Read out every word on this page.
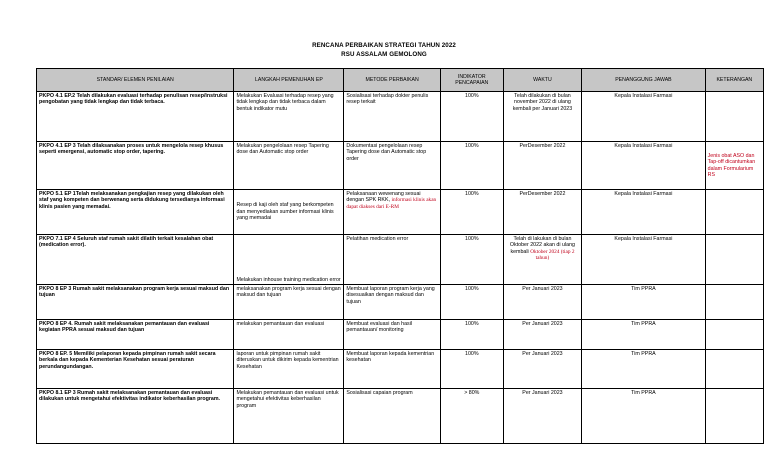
RENCANA PERBAIKAN STRATEGI TAHUN 2022
RSU ASSALAM GEMOLONG
STANDAR/ ELEMEN PENILAIAN	LANGKAH PEMENUHAN EP	METODE PERBAIKAN	INDIKATOR PENCAPAIAN	WAKTU	PENANGGUNG JAWAB	KETERANGAN
PKPO 4.1 EP.2 Telah dilakukan evaluasi terhadap penulisan resep/instruksi pengobatan yang tidak lengkap dan tidak terbaca.	Melakukan Evaluasi terhadap resep yang tidak lengkap dan tidak terbaca dalam bentuk indikator mutu	Sosialisasi terhadap dokter penulis resep terkait	100%	Telah dilakukan di bulan november 2022 di ulang kembali per Januari 2023	Kepala Instalasi Farmasi	
PKPO 4.1 EP 3 Telah dilaksanakan proses untuk mengelola resep khusus seperti emergensi, automatic stop order, tapering.	Melakukan pengelolaan resep Tapering dose dan Automatic stop order	Dokumentasi pengelolaan resep Tapering dose dan Automatic stop order	100%	PerDesember 2022	Kepala Instalasi Farmasi	Jenis obat ASO dan Tap-off dicantumkan dalam Formularium RS
PKPO 5.1 EP 1Telah melaksanakan pengkajian resep yang dilakukan oleh staf yang kompeten dan berwenang serta didukung tersedianya informasi klinis pasien yang memadai.	Resep di kaji oleh staf yang berkompeten dan menyediakan sumber informasi klinis yang memadai	Pelaksanaan wewenang sesuai dengan SPK RKK, informasi klinis akan dapat diakses dari E-RM	100%	PerDesember 2022	Kepala Instalasi Farmasi	
PKPO 7.1 EP 4 Seluruh staf rumah sakit dilatih terkait kesalahan obat (medication error).	Melakukan inhouse training medication error	Pelatihan medication error	100%	Telah di lakukan di bulan Oktober 2022 akan di ulang kembali Oktober 2024 (tiap 2 tahun)	Kepala Instalasi Farmasi	
PKPO 8 EP 3 Rumah sakit melaksanakan program kerja sesuai maksud dan tujuan	melaksanakan program kerja sesuai dengan maksud dan tujuan	Membuat laporan program kerja yang disesuaikan dengan maksud dan tujuan	100%	Per Januari 2023	Tim PPRA	
PKPO 8 EP 4. Rumah sakit melaksanakan pemantauan dan evaluasi kegiatan PPRA sesuai maksud dan tujuan	melakukan pemantauan dan evaluasi	Membuat evaluasi dan hasil pemantauan/ monitoring	100%	Per Januari 2023	Tim PPRA	
PKPO 8 EP. 5 Memiliki pelaporan kepada pimpinan rumah sakit secara berkala dan kepada Kementerian Kesehatan sesuai peraturan perundangundangan.	laporan untuk pimpinan rumah sakit diteruskan untuk dikirim kepada kementrian Kesehatan	Membuat laporan kepada kementrian kesehatan	100%	Per Januari 2023	Tim PPRA	
PKPO 8.1 EP 3 Rumah sakit melaksanakan pemantauan dan evaluasi dilakukan untuk mengetahui efektivitas indikator keberhasilan program.	Melakukan pemantauan dan evaluasi untuk mengetahui efektivitas keberhasilan program	Sosialisasi capaian program	> 80%	Per Januari 2023	Tim PPRA	
